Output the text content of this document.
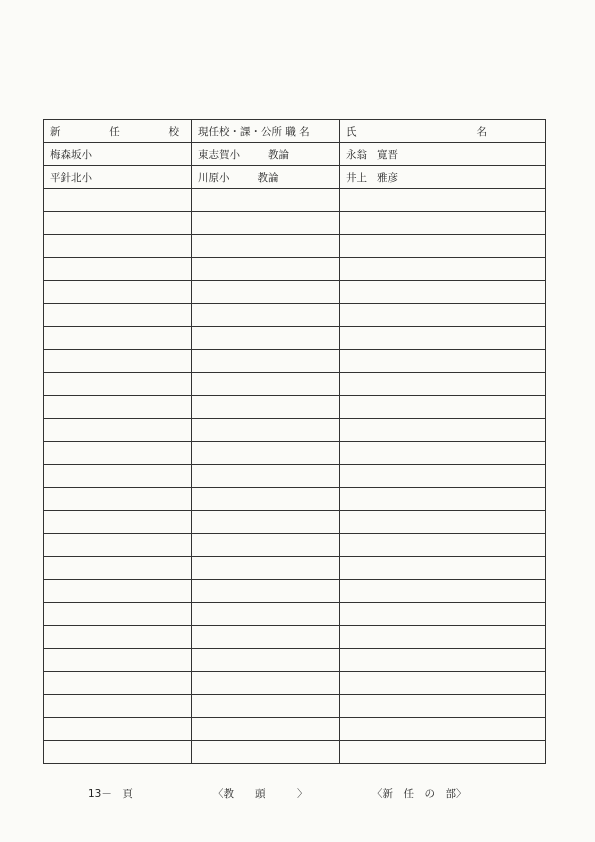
新 任 校	現任校・課・公所 職 名	氏 名

梅森坂小	東志賀小 教論	永翁 寛晋
平針北小	川原小 教論	井上 雅彦

13－　頁	〈教　　頭　　　〉	〈新　任　の　部〉
